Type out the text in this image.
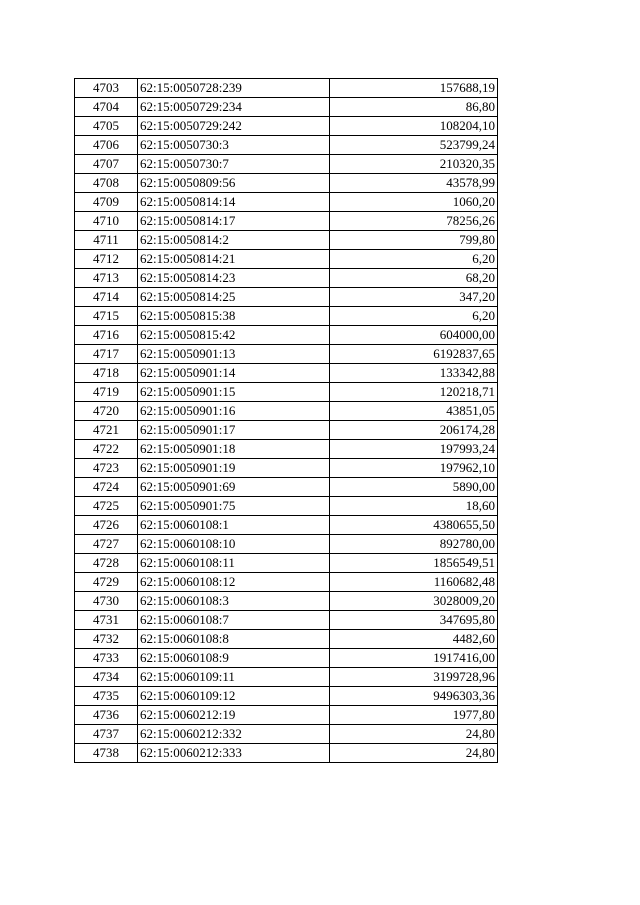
4703	62:15:0050728:239	157688,19
4704	62:15:0050729:234	86,80
4705	62:15:0050729:242	108204,10
4706	62:15:0050730:3	523799,24
4707	62:15:0050730:7	210320,35
4708	62:15:0050809:56	43578,99
4709	62:15:0050814:14	1060,20
4710	62:15:0050814:17	78256,26
4711	62:15:0050814:2	799,80
4712	62:15:0050814:21	6,20
4713	62:15:0050814:23	68,20
4714	62:15:0050814:25	347,20
4715	62:15:0050815:38	6,20
4716	62:15:0050815:42	604000,00
4717	62:15:0050901:13	6192837,65
4718	62:15:0050901:14	133342,88
4719	62:15:0050901:15	120218,71
4720	62:15:0050901:16	43851,05
4721	62:15:0050901:17	206174,28
4722	62:15:0050901:18	197993,24
4723	62:15:0050901:19	197962,10
4724	62:15:0050901:69	5890,00
4725	62:15:0050901:75	18,60
4726	62:15:0060108:1	4380655,50
4727	62:15:0060108:10	892780,00
4728	62:15:0060108:11	1856549,51
4729	62:15:0060108:12	1160682,48
4730	62:15:0060108:3	3028009,20
4731	62:15:0060108:7	347695,80
4732	62:15:0060108:8	4482,60
4733	62:15:0060108:9	1917416,00
4734	62:15:0060109:11	3199728,96
4735	62:15:0060109:12	9496303,36
4736	62:15:0060212:19	1977,80
4737	62:15:0060212:332	24,80
4738	62:15:0060212:333	24,80
